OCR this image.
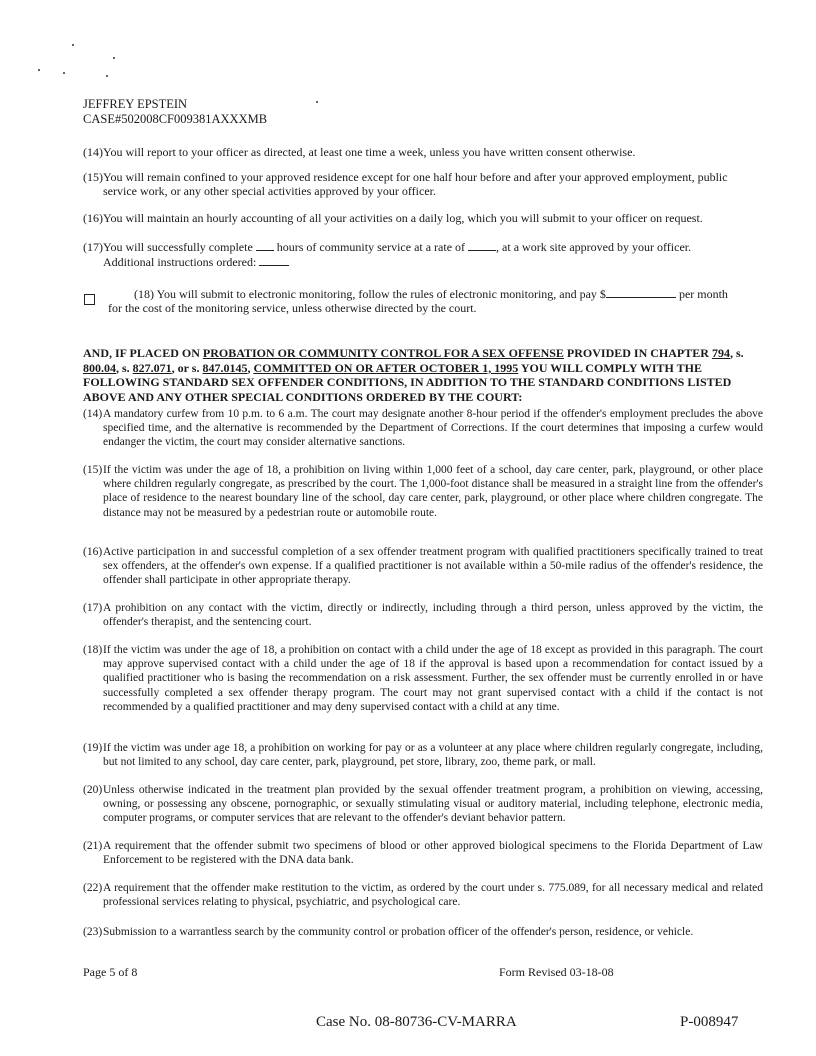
JEFFREY EPSTEIN
CASE#502008CF009381AXXXMB
(14)You will report to your officer as directed, at least one time a week, unless you have written consent otherwise.
(15)You will remain confined to your approved residence except for one half hour before and after your approved employment, public service work, or any other special activities approved by your officer.
(16)You will maintain an hourly accounting of all your activities on a daily log, which you will submit to your officer on request.
(17)You will successfully complete hours of community service at a rate of	, at a work site approved by your officer.
Additional instructions ordered:
(18) You will submit to electronic monitoring, follow the rules of electronic monitoring, and pay $	per month
for the cost of the monitoring service, unless otherwise directed by the court.
AND, IF PLACED ON PROBATION OR COMMUNITY CONTROL FOR A SEX OFFENSE PROVIDED IN CHAPTER 794, s. 800.04, s. 827.071, or s. 847.0145, COMMITTED ON OR AFTER OCTOBER 1, 1995 YOU WILL COMPLY WITH THE FOLLOWING STANDARD SEX OFFENDER CONDITIONS, IN ADDITION TO THE STANDARD CONDITIONS LISTED ABOVE AND ANY OTHER SPECIAL CONDITIONS ORDERED BY THE COURT:
(14)A mandatory curfew from 10 p.m. to 6 a.m. The court may designate another 8-hour period if the offender's employment precludes the above specified time, and the alternative is recommended by the Department of Corrections. If the court determines that imposing a curfew would endanger the victim, the court may consider alternative sanctions.
(15)If the victim was under the age of 18, a prohibition on living within 1,000 feet of a school, day care center, park, playground, or other place where children regularly congregate, as prescribed by the court. The 1,000-foot distance shall be measured in a straight line from the offender's place of residence to the nearest boundary line of the school, day care center, park, playground, or other place where children congregate. The distance may not be measured by a pedestrian route or automobile route.
(16)Active participation in and successful completion of a sex offender treatment program with qualified practitioners specifically trained to treat sex offenders, at the offender's own expense. If a qualified practitioner is not available within a 50-mile radius of the offender's residence, the offender shall participate in other appropriate therapy.
(17)A prohibition on any contact with the victim, directly or indirectly, including through a third person, unless approved by the victim, the offender's therapist, and the sentencing court.
(18)If the victim was under the age of 18, a prohibition on contact with a child under the age of 18 except as provided in this paragraph. The court may approve supervised contact with a child under the age of 18 if the approval is based upon a recommendation for contact issued by a qualified practitioner who is basing the recommendation on a risk assessment. Further, the sex offender must be currently enrolled in or have successfully completed a sex offender therapy program. The court may not grant supervised contact with a child if the contact is not recommended by a qualified practitioner and may deny supervised contact with a child at any time.
(19)If the victim was under age 18, a prohibition on working for pay or as a volunteer at any place where children regularly congregate, including, but not limited to any school, day care center, park, playground, pet store, library, zoo, theme park, or mall.
(20)Unless otherwise indicated in the treatment plan provided by the sexual offender treatment program, a prohibition on viewing, accessing, owning, or possessing any obscene, pornographic, or sexually stimulating visual or auditory material, including telephone, electronic media, computer programs, or computer services that are relevant to the offender's deviant behavior pattern.
(21)A requirement that the offender submit two specimens of blood or other approved biological specimens to the Florida Department of Law Enforcement to be registered with the DNA data bank.
(22)A requirement that the offender make restitution to the victim, as ordered by the court under s. 775.089, for all necessary medical and related professional services relating to physical, psychiatric, and psychological care.
(23)Submission to a warrantless search by the community control or probation officer of the offender's person, residence, or vehicle.
Page 5 of 8	Form Revised 03-18-08
Case No. 08-80736-CV-MARRA	P-008947
